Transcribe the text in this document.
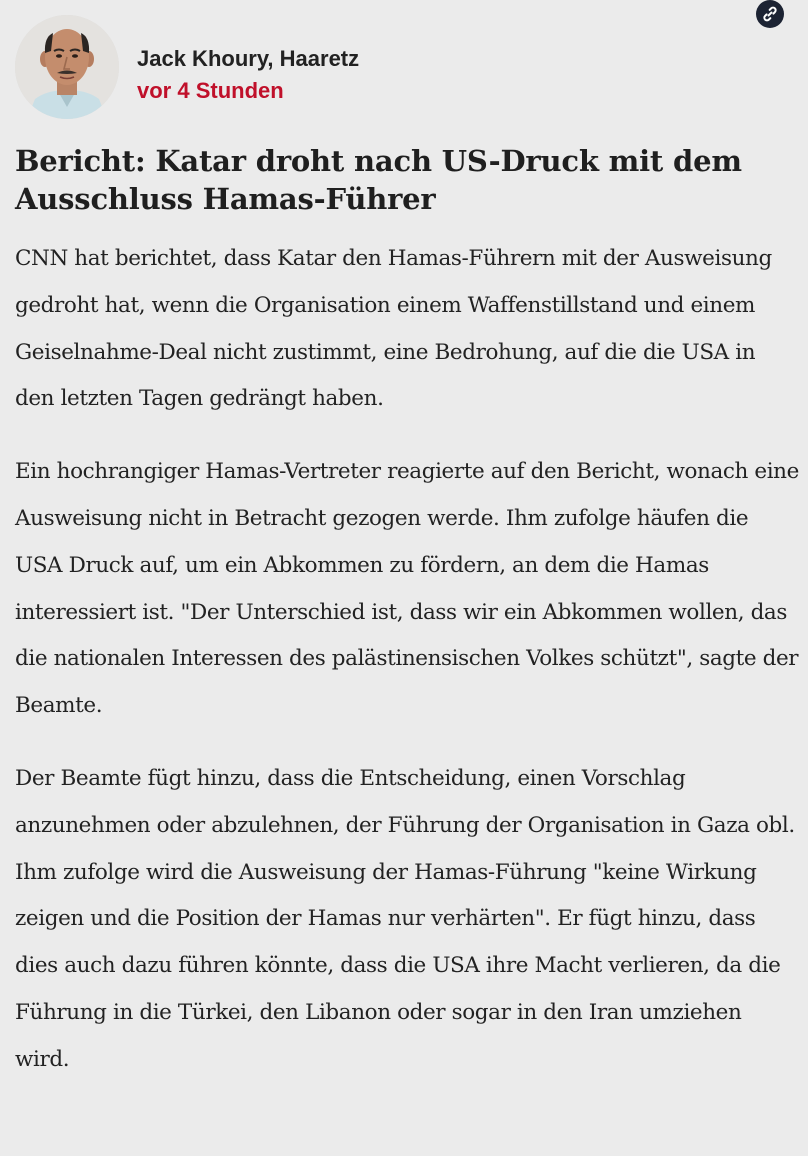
Jack Khoury, Haaretz
vor 4 Stunden
Bericht: Katar droht nach US-Druck mit dem Ausschluss Hamas-Führer

CNN hat berichtet, dass Katar den Hamas-Führern mit der Ausweisung gedroht hat, wenn die Organisation einem Waffenstillstand und einem Geiselnahme-Deal nicht zustimmt, eine Bedrohung, auf die die USA in den letzten Tagen gedrängt haben.

Ein hochrangiger Hamas-Vertreter reagierte auf den Bericht, wonach eine Ausweisung nicht in Betracht gezogen werde. Ihm zufolge häufen die USA Druck auf, um ein Abkommen zu fördern, an dem die Hamas interessiert ist. "Der Unterschied ist, dass wir ein Abkommen wollen, das die nationalen Interessen des palästinensischen Volkes schützt", sagte der Beamte.

Der Beamte fügt hinzu, dass die Entscheidung, einen Vorschlag anzunehmen oder abzulehnen, der Führung der Organisation in Gaza obl. Ihm zufolge wird die Ausweisung der Hamas-Führung "keine Wirkung zeigen und die Position der Hamas nur verhärten". Er fügt hinzu, dass dies auch dazu führen könnte, dass die USA ihre Macht verlieren, da die Führung in die Türkei, den Libanon oder sogar in den Iran umziehen wird.
